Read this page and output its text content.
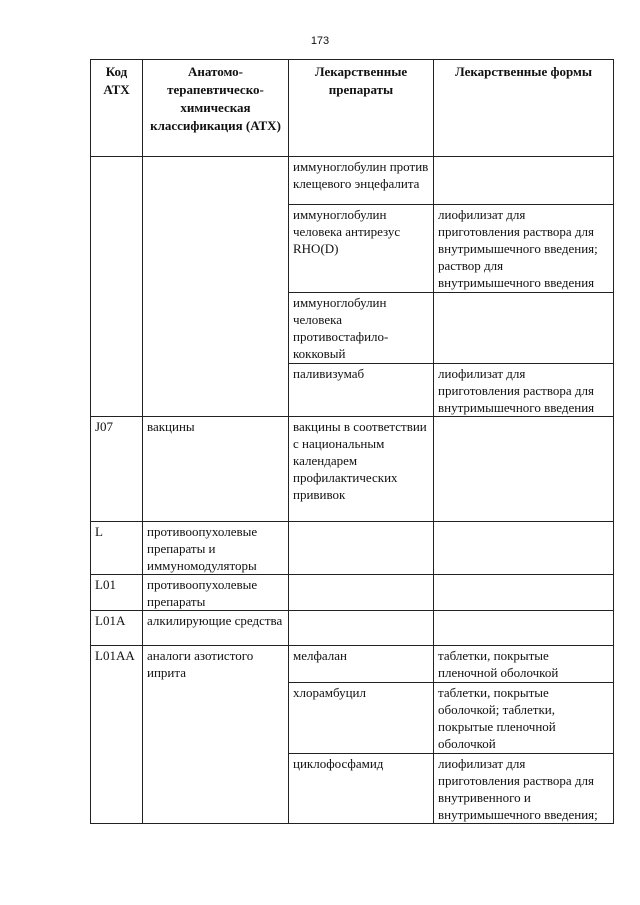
173
Код АТХ	Анатомо-терапевтическо-химическая классификация (АТХ)	Лекарственные препараты	Лекарственные формы
		иммуноглобулин против клещевого энцефалита	
		иммуноглобулин человека антирезус RHO(D)	лиофилизат для приготовления раствора для внутримышечного введения; раствор для внутримышечного введения
		иммуноглобулин человека противостафило-кокковый	
		паливизумаб	лиофилизат для приготовления раствора для внутримышечного введения
J07	вакцины	вакцины в соответствии с национальным календарем профилактических прививок	
L	противоопухолевые препараты и иммуномодуляторы		
L01	противоопухолевые препараты		
L01A	алкилирующие средства		
L01AA	аналоги азотистого иприта	мелфалан	таблетки, покрытые пленочной оболочкой
		хлорамбуцил	таблетки, покрытые оболочкой; таблетки, покрытые пленочной оболочкой
		циклофосфамид	лиофилизат для приготовления раствора для внутривенного и внутримышечного введения;
